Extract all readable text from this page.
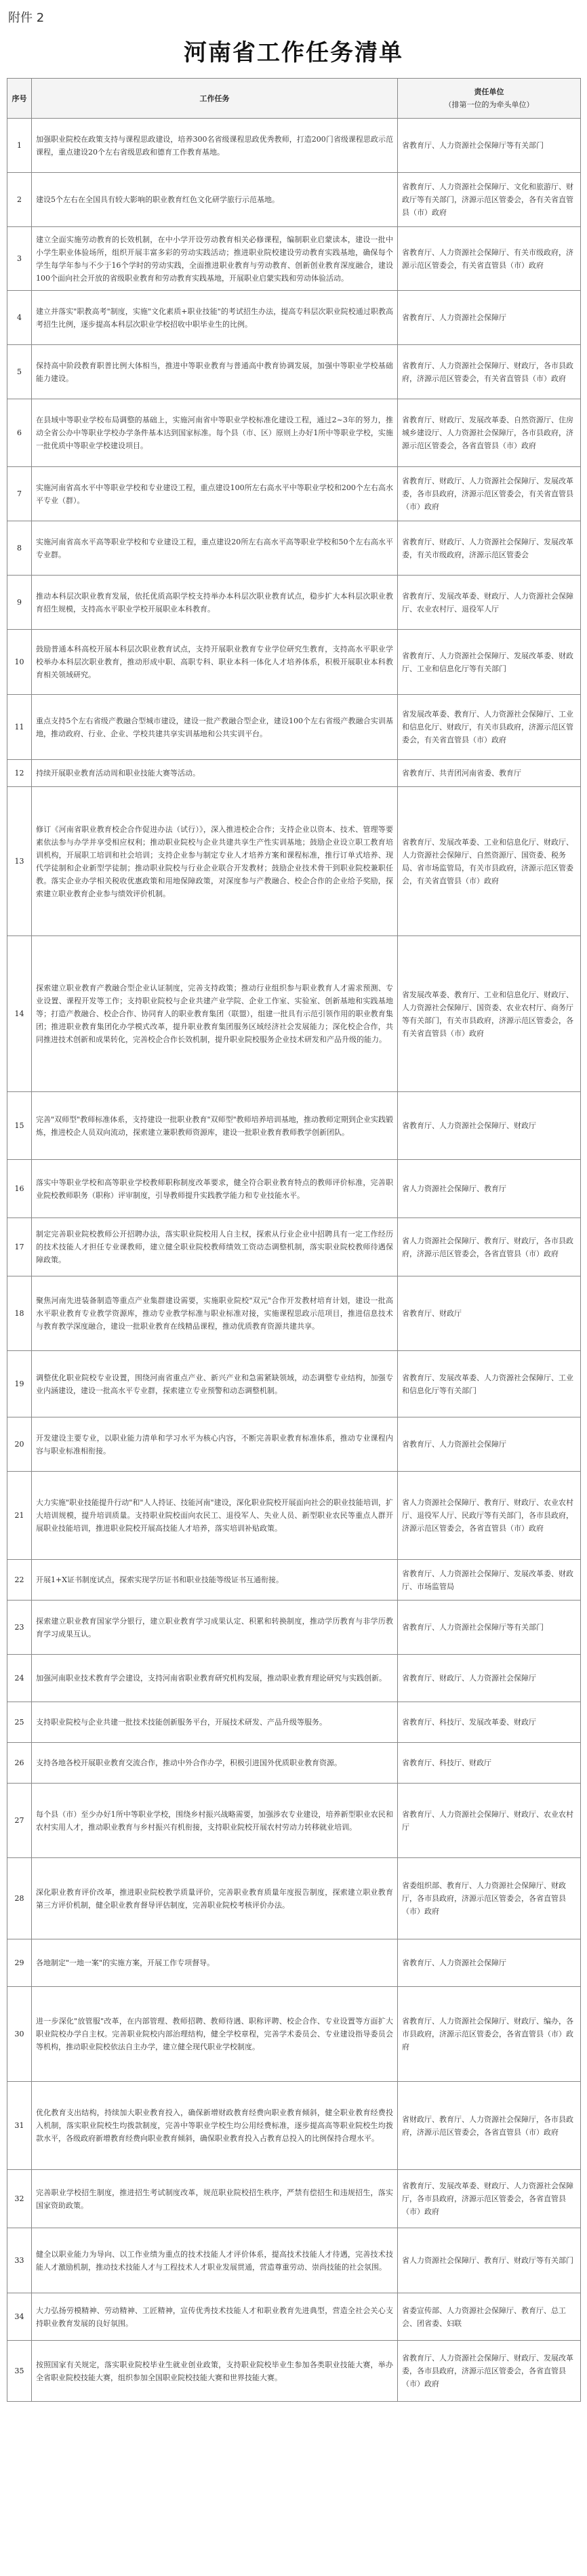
附件 2
河南省工作任务清单
序号	工作任务	责任单位
（排第一位的为牵头单位）

1	加强职业院校在政策支持与课程思政建设，培养300名省级课程思政优秀教师，打造200门省级课程思政示范课程，重点建设20个左右省级思政和德育工作教育基地。	省教育厅、人力资源社会保障厅等有关部门
2	建设5个左右在全国具有较大影响的职业教育红色文化研学旅行示范基地。	省教育厅、人力资源社会保障厅、文化和旅游厅、财政厅等有关部门，济源示范区管委会，各有关省直管县（市）政府
3	建立全面实施劳动教育的长效机制，在中小学开设劳动教育相关必修课程，编制职业启蒙读本，建设一批中小学生职业体验场所，组织开展丰富多彩的劳动实践活动；推进职业院校建设劳动教育实践基地，确保每个学生每学年参与不少于16个学时的劳动实践，全面推进职业教育与劳动教育、创新创业教育深度融合，建设100个面向社会开放的省级职业教育和劳动教育实践基地，开展职业启蒙实践和劳动体验活动。	省教育厅、人力资源社会保障厅、有关市级政府，济源示范区管委会，有关省直管县（市）政府
4	建立并落实"职教高考"制度，实施"文化素质+职业技能"的考试招生办法，提高专科层次职业院校通过职教高考招生比例，逐步提高本科层次职业学校招收中职毕业生的比例。	省教育厅、人力资源社会保障厅
5	保持高中阶段教育职普比例大体相当，推进中等职业教育与普通高中教育协调发展，加强中等职业学校基础能力建设。	省教育厅、人力资源社会保障厅、财政厅，各市县政府，济源示范区管委会，有关省直管县（市）政府
6	在县域中等职业学校布局调整的基础上，实施河南省中等职业学校标准化建设工程，通过2~3年的努力，推动全省公办中等职业学校办学条件基本达到国家标准。每个县（市、区）原则上办好1所中等职业学校，实施一批优质中等职业学校建设项目。	省教育厅、财政厅、发展改革委、自然资源厅、住房城乡建设厅、人力资源社会保障厅，各市县政府，济源示范区管委会，各省直管县（市）政府
7	实施河南省高水平中等职业学校和专业建设工程，重点建设100所左右高水平中等职业学校和200个左右高水平专业（群）。	省教育厅、财政厅、人力资源社会保障厅、发展改革委，各市县政府，济源示范区管委会，有关省直管县（市）政府
8	实施河南省高水平高等职业学校和专业建设工程，重点建设20所左右高水平高等职业学校和50个左右高水平专业群。	省教育厅、财政厅、人力资源社会保障厅、发展改革委，有关市级政府，济源示范区管委会
9	推动本科层次职业教育发展，依托优质高职学校支持举办本科层次职业教育试点，稳步扩大本科层次职业教育招生规模，支持高水平职业学校开展职业本科教育。	省教育厅、发展改革委、财政厅、人力资源社会保障厅、农业农村厅、退役军人厅
10	鼓励普通本科高校开展本科层次职业教育试点，支持开展职业教育专业学位研究生教育，支持高水平职业学校举办本科层次职业教育，推动形成中职、高职专科、职业本科一体化人才培养体系，积极开展职业本科教育相关领域研究。	省教育厅、人力资源社会保障厅、发展改革委、财政厅、工业和信息化厅等有关部门
11	重点支持5个左右省级产教融合型城市建设，建设一批产教融合型企业，建设100个左右省级产教融合实训基地，推动政府、行业、企业、学校共建共享实训基地和公共实训平台。	省发展改革委、教育厅、人力资源社会保障厅、工业和信息化厅、财政厅，有关市县政府，济源示范区管委会，有关省直管县（市）政府
12	持续开展职业教育活动周和职业技能大赛等活动。	省教育厅、共青团河南省委、教育厅
13	修订《河南省职业教育校企合作促进办法（试行）》，深入推进校企合作；支持企业以资本、技术、管理等要素依法参与办学并享受相应权利；推动职业院校与企业共建共享生产性实训基地；鼓励企业设立职工教育培训机构，开展职工培训和社会培训；支持企业参与制定专业人才培养方案和课程标准，推行订单式培养、现代学徒制和企业新型学徒制；推动职业院校与行业企业联合开发教材；鼓励企业技术骨干到职业院校兼职任教。落实企业办学相关税收优惠政策和用地保障政策，对深度参与产教融合、校企合作的企业给予奖励，探索建立职业教育企业参与绩效评价机制。	省教育厅、发展改革委、工业和信息化厅、财政厅、人力资源社会保障厅、自然资源厅、国资委、税务局、省市场监管局，有关市县政府，济源示范区管委会，有关省直管县（市）政府
14	探索建立职业教育产教融合型企业认证制度，完善支持政策；推动行业组织参与职业教育人才需求预测、专业设置、课程开发等工作；支持职业院校与企业共建产业学院、企业工作室、实验室、创新基地和实践基地等；打造产教融合、校企合作、协同育人的职业教育集团（联盟），组建一批具有示范引领作用的职业教育集团；推进职业教育集团化办学模式改革，提升职业教育集团服务区域经济社会发展能力；深化校企合作，共同推进技术创新和成果转化，完善校企合作长效机制，提升职业院校服务企业技术研发和产品升级的能力。	省发展改革委、教育厅、工业和信息化厅、财政厅、人力资源社会保障厅、国资委、农业农村厅、商务厅等有关部门，有关市县政府，济源示范区管委会，各有关省直管县（市）政府
15	完善"双师型"教师标准体系，支持建设一批职业教育"双师型"教师培养培训基地，推动教师定期到企业实践锻炼，推进校企人员双向流动，探索建立兼职教师资源库，建设一批职业教育教师教学创新团队。	省教育厅、人力资源社会保障厅、财政厅
16	落实中等职业学校和高等职业学校教师职称制度改革要求，健全符合职业教育特点的教师评价标准，完善职业院校教师职务（职称）评审制度，引导教师提升实践教学能力和专业技能水平。	省人力资源社会保障厅、教育厅
17	制定完善职业院校教师公开招聘办法，落实职业院校用人自主权，探索从行业企业中招聘具有一定工作经历的技术技能人才担任专业课教师，建立健全职业院校教师绩效工资动态调整机制，落实职业院校教师待遇保障政策。	省人力资源社会保障厅、教育厅、财政厅，各市县政府，济源示范区管委会，各省直管县（市）政府
18	聚焦河南先进装备制造等重点产业集群建设需要，实施职业院校"双元"合作开发教材培育计划，建设一批高水平职业教育专业教学资源库，推动专业教学标准与职业标准对接，实施课程思政示范项目，推进信息技术与教育教学深度融合，建设一批职业教育在线精品课程，推动优质教育资源共建共享。	省教育厅、财政厅
19	调整优化职业院校专业设置，围绕河南省重点产业、新兴产业和急需紧缺领域，动态调整专业结构，加强专业内涵建设，建设一批高水平专业群，探索建立专业预警和动态调整机制。	省教育厅、发展改革委、人力资源社会保障厅、工业和信息化厅等有关部门
20	开发建设主要专业，以职业能力清单和学习水平为核心内容，不断完善职业教育标准体系，推动专业课程内容与职业标准相衔接。	省教育厅、人力资源社会保障厅
21	大力实施"职业技能提升行动"和"人人持证、技能河南"建设，深化职业院校开展面向社会的职业技能培训，扩大培训规模，提升培训质量。支持职业院校面向农民工、退役军人、失业人员、新型职业农民等重点人群开展职业技能培训，推进职业院校开展高技能人才培养，落实培训补贴政策。	省人力资源社会保障厅、教育厅、财政厅、农业农村厅、退役军人厅、民政厅等有关部门，各市县政府，济源示范区管委会，各省直管县（市）政府
22	开展1+X证书制度试点，探索实现学历证书和职业技能等级证书互通衔接。	省教育厅、人力资源社会保障厅、发展改革委、财政厅、市场监管局
23	探索建立职业教育国家学分银行，建立职业教育学习成果认定、积累和转换制度，推动学历教育与非学历教育学习成果互认。	省教育厅、人力资源社会保障厅等有关部门
24	加强河南职业技术教育学会建设，支持河南省职业教育研究机构发展，推动职业教育理论研究与实践创新。	省教育厅、财政厅、人力资源社会保障厅
25	支持职业院校与企业共建一批技术技能创新服务平台，开展技术研发、产品升级等服务。	省教育厅、科技厅、发展改革委、财政厅
26	支持各地各校开展职业教育交流合作，推动中外合作办学，积极引进国外优质职业教育资源。	省教育厅、科技厅、财政厅
27	每个县（市）至少办好1所中等职业学校，围绕乡村振兴战略需要，加强涉农专业建设，培养新型职业农民和农村实用人才，推动职业教育与乡村振兴有机衔接，支持职业院校开展农村劳动力转移就业培训。	省教育厅、人力资源社会保障厅、财政厅、农业农村厅
28	深化职业教育评价改革，推进职业院校教学质量评价，完善职业教育质量年度报告制度，探索建立职业教育第三方评价机制，健全职业教育督导评估制度，完善职业院校考核评价办法。	省委组织部、教育厅、人力资源社会保障厅、财政厅，各市县政府，济源示范区管委会，各省直管县（市）政府
29	各地制定"一地一案"的实施方案，开展工作专项督导。	省教育厅、人力资源社会保障厅
30	进一步深化"放管服"改革，在内部管理、教师招聘、教师待遇、职称评聘、校企合作、专业设置等方面扩大职业院校办学自主权。完善职业院校内部治理结构，健全学校章程，完善学术委员会、专业建设指导委员会等机构，推动职业院校依法自主办学，建立健全现代职业学校制度。	省教育厅、人力资源社会保障厅、财政厅、编办，各市县政府，济源示范区管委会，各省直管县（市）政府
31	优化教育支出结构，持续加大职业教育投入，确保新增财政教育经费向职业教育倾斜，健全职业教育经费投入机制，落实职业院校生均拨款制度，完善中等职业学校生均公用经费标准，逐步提高高等职业院校生均拨款水平，各级政府新增教育经费向职业教育倾斜，确保职业教育投入占教育总投入的比例保持合理水平。	省财政厅、教育厅、人力资源社会保障厅，各市县政府，济源示范区管委会，各省直管县（市）政府
32	完善职业学校招生制度，推进招生考试制度改革，规范职业院校招生秩序，严禁有偿招生和违规招生，落实国家资助政策。	省教育厅、发展改革委、财政厅、人力资源社会保障厅，各市县政府，济源示范区管委会，各省直管县（市）政府
33	健全以职业能力为导向、以工作业绩为重点的技术技能人才评价体系，提高技术技能人才待遇，完善技术技能人才激励机制，推动技术技能人才与工程技术人才职业发展贯通，营造尊重劳动、崇尚技能的社会氛围。	省人力资源社会保障厅、教育厅、财政厅等有关部门
34	大力弘扬劳模精神、劳动精神、工匠精神，宣传优秀技术技能人才和职业教育先进典型，营造全社会关心支持职业教育发展的良好氛围。	省委宣传部、人力资源社会保障厅、教育厅、总工会、团省委、妇联
35	按照国家有关规定，落实职业院校毕业生就业创业政策，支持职业院校毕业生参加各类职业技能大赛，举办全省职业院校技能大赛，组织参加全国职业院校技能大赛和世界技能大赛。	省教育厅、人力资源社会保障厅、财政厅、发展改革委，各市县政府，济源示范区管委会，各省直管县（市）政府
